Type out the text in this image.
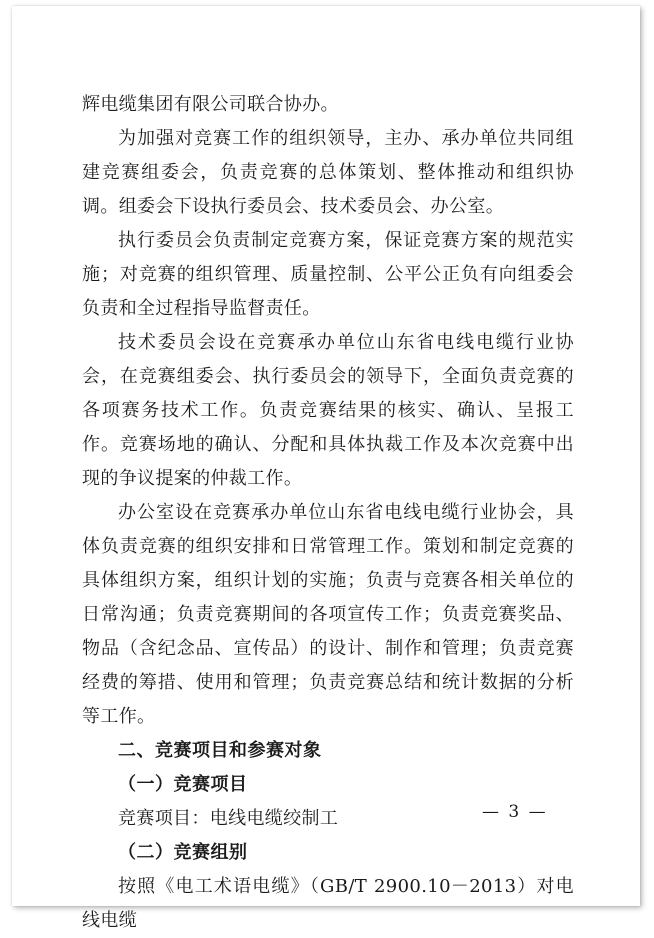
辉电缆集团有限公司联合协办。

为加强对竞赛工作的组织领导，主办、承办单位共同组建竞赛组委会，负责竞赛的总体策划、整体推动和组织协调。组委会下设执行委员会、技术委员会、办公室。

执行委员会负责制定竞赛方案，保证竞赛方案的规范实施；对竞赛的组织管理、质量控制、公平公正负有向组委会负责和全过程指导监督责任。

技术委员会设在竞赛承办单位山东省电线电缆行业协会，在竞赛组委会、执行委员会的领导下，全面负责竞赛的各项赛务技术工作。负责竞赛结果的核实、确认、呈报工作。竞赛场地的确认、分配和具体执裁工作及本次竞赛中出现的争议提案的仲裁工作。

办公室设在竞赛承办单位山东省电线电缆行业协会，具体负责竞赛的组织安排和日常管理工作。策划和制定竞赛的具体组织方案，组织计划的实施；负责与竞赛各相关单位的日常沟通；负责竞赛期间的各项宣传工作；负责竞赛奖品、物品（含纪念品、宣传品）的设计、制作和管理；负责竞赛经费的筹措、使用和管理；负责竞赛总结和统计数据的分析等工作。

二、竞赛项目和参赛对象

（一）竞赛项目

竞赛项目：电线电缆绞制工

（二）竞赛组别

按照《电工术语电缆》（GB/T 2900.10－2013）对电线电缆

— 3 —
